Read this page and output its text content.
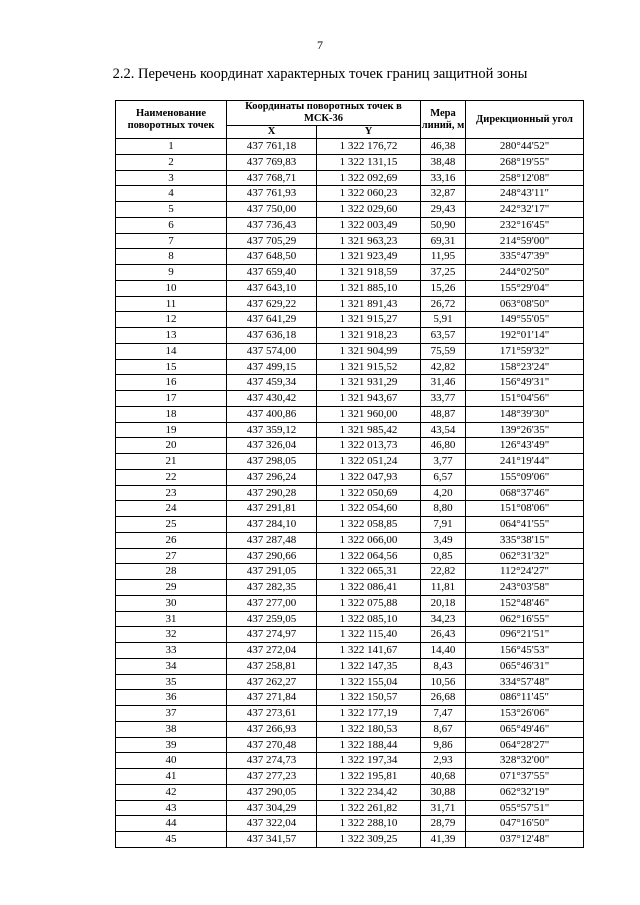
7
2.2. Перечень координат характерных точек границ защитной зоны
Наименование поворотных точек	Координаты поворотных точек в МСК-36		Мера линий, м	Дирекционный угол
	X	Y		
1	437 761,18	1 322 176,72	46,38	280°44'52"
2	437 769,83	1 322 131,15	38,48	268°19'55"
3	437 768,71	1 322 092,69	33,16	258°12'08"
4	437 761,93	1 322 060,23	32,87	248°43'11"
5	437 750,00	1 322 029,60	29,43	242°32'17"
6	437 736,43	1 322 003,49	50,90	232°16'45"
7	437 705,29	1 321 963,23	69,31	214°59'00"
8	437 648,50	1 321 923,49	11,95	335°47'39"
9	437 659,40	1 321 918,59	37,25	244°02'50"
10	437 643,10	1 321 885,10	15,26	155°29'04"
11	437 629,22	1 321 891,43	26,72	063°08'50"
12	437 641,29	1 321 915,27	5,91	149°55'05"
13	437 636,18	1 321 918,23	63,57	192°01'14"
14	437 574,00	1 321 904,99	75,59	171°59'32"
15	437 499,15	1 321 915,52	42,82	158°23'24"
16	437 459,34	1 321 931,29	31,46	156°49'31"
17	437 430,42	1 321 943,67	33,77	151°04'56"
18	437 400,86	1 321 960,00	48,87	148°39'30"
19	437 359,12	1 321 985,42	43,54	139°26'35"
20	437 326,04	1 322 013,73	46,80	126°43'49"
21	437 298,05	1 322 051,24	3,77	241°19'44"
22	437 296,24	1 322 047,93	6,57	155°09'06"
23	437 290,28	1 322 050,69	4,20	068°37'46"
24	437 291,81	1 322 054,60	8,80	151°08'06"
25	437 284,10	1 322 058,85	7,91	064°41'55"
26	437 287,48	1 322 066,00	3,49	335°38'15"
27	437 290,66	1 322 064,56	0,85	062°31'32"
28	437 291,05	1 322 065,31	22,82	112°24'27"
29	437 282,35	1 322 086,41	11,81	243°03'58"
30	437 277,00	1 322 075,88	20,18	152°48'46"
31	437 259,05	1 322 085,10	34,23	062°16'55"
32	437 274,97	1 322 115,40	26,43	096°21'51"
33	437 272,04	1 322 141,67	14,40	156°45'53"
34	437 258,81	1 322 147,35	8,43	065°46'31"
35	437 262,27	1 322 155,04	10,56	334°57'48"
36	437 271,84	1 322 150,57	26,68	086°11'45"
37	437 273,61	1 322 177,19	7,47	153°26'06"
38	437 266,93	1 322 180,53	8,67	065°49'46"
39	437 270,48	1 322 188,44	9,86	064°28'27"
40	437 274,73	1 322 197,34	2,93	328°32'00"
41	437 277,23	1 322 195,81	40,68	071°37'55"
42	437 290,05	1 322 234,42	30,88	062°32'19"
43	437 304,29	1 322 261,82	31,71	055°57'51"
44	437 322,04	1 322 288,10	28,79	047°16'50"
45	437 341,57	1 322 309,25	41,39	037°12'48"
